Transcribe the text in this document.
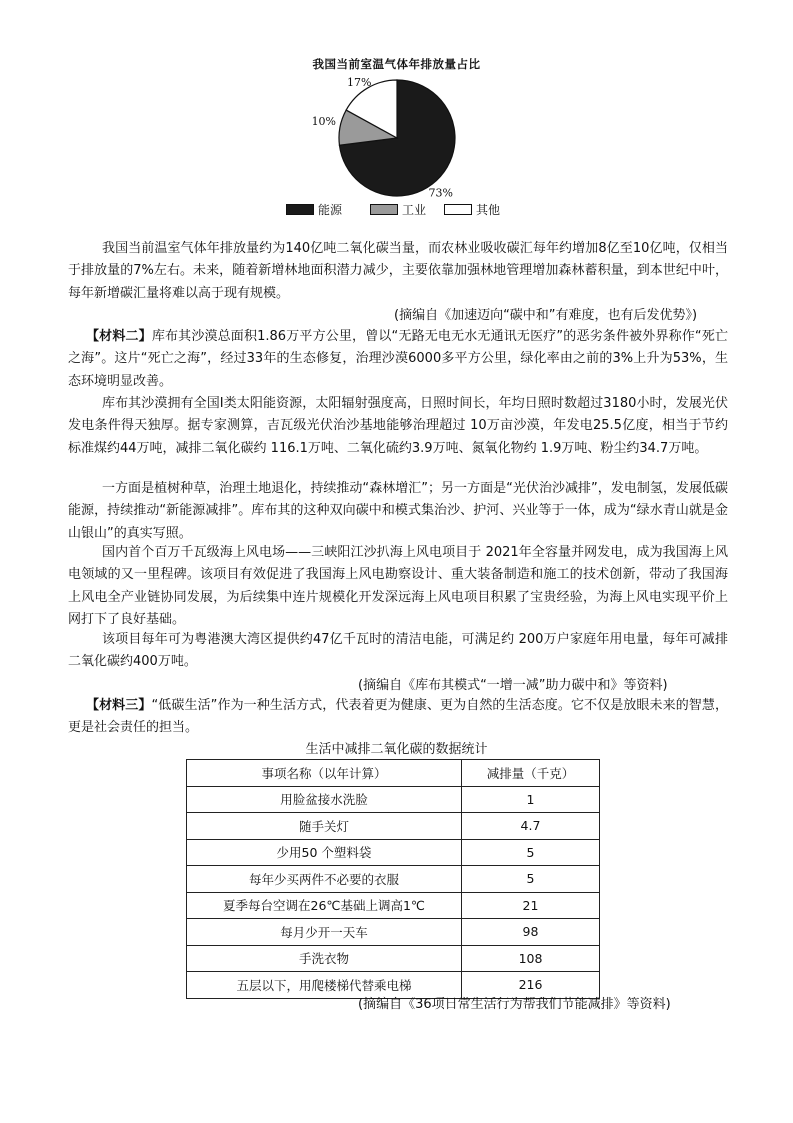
我国当前室温气体年排放量占比
73%
10%
17%
能源	工业	其他

我国当前温室气体年排放量约为140亿吨二氧化碳当量，而农林业吸收碳汇每年约增加8亿至10亿吨，仅相当于排放量的7%左右。未来，随着新增林地面积潜力减少，主要依靠加强林地管理增加森林蓄积量，到本世纪中叶，每年新增碳汇量将难以高于现有规模。

(摘编自《加速迈向“碳中和”有难度，也有后发优势》)

【材料二】库布其沙漠总面积1.86万平方公里，曾以“无路无电无水无通讯无医疗”的恶劣条件被外界称作“死亡之海”。这片“死亡之海”，经过33年的生态修复，治理沙漠6000多平方公里，绿化率由之前的3%上升为53%，生态环境明显改善。

库布其沙漠拥有全国I类太阳能资源，太阳辐射强度高，日照时间长，年均日照时数超过3180小时，发展光伏发电条件得天独厚。据专家测算，吉瓦级光伏治沙基地能够治理超过 10万亩沙漠，年发电25.5亿度，相当于节约标准煤约44万吨，减排二氧化碳约 116.1万吨、二氧化硫约3.9万吨、氮氧化物约 1.9万吨、粉尘约34.7万吨。

一方面是植树种草，治理土地退化，持续推动“森林增汇”；另一方面是“光伏治沙减排”，发电制氢，发展低碳能源，持续推动“新能源减排”。库布其的这种双向碳中和模式集治沙、护河、兴业等于一体，成为“绿水青山就是金山银山”的真实写照。

国内首个百万千瓦级海上风电场——三峡阳江沙扒海上风电项目于 2021年全容量并网发电，成为我国海上风电领域的又一里程碑。该项目有效促进了我国海上风电勘察设计、重大装备制造和施工的技术创新，带动了我国海上风电全产业链协同发展，为后续集中连片规模化开发深远海上风电项目积累了宝贵经验，为海上风电实现平价上网打下了良好基础。

该项目每年可为粤港澳大湾区提供约47亿千瓦时的清洁电能，可满足约 200万户家庭年用电量，每年可减排二氧化碳约400万吨。

(摘编自《库布其模式“一增一减”助力碳中和》等资料)

【材料三】“低碳生活”作为一种生活方式，代表着更为健康、更为自然的生活态度。它不仅是放眼未来的智慧，更是社会责任的担当。

生活中减排二氧化碳的数据统计
事项名称（以年计算）	减排量（千克）
用脸盆接水洗脸	1
随手关灯	4.7
少用50 个塑料袋	5
每年少买两件不必要的衣服	5
夏季每台空调在26℃基础上调高1℃	21
每月少开一天车	98
手洗衣物	108
五层以下，用爬楼梯代替乘电梯	216
(摘编自《36项日常生活行为帮我们节能减排》等资料)
